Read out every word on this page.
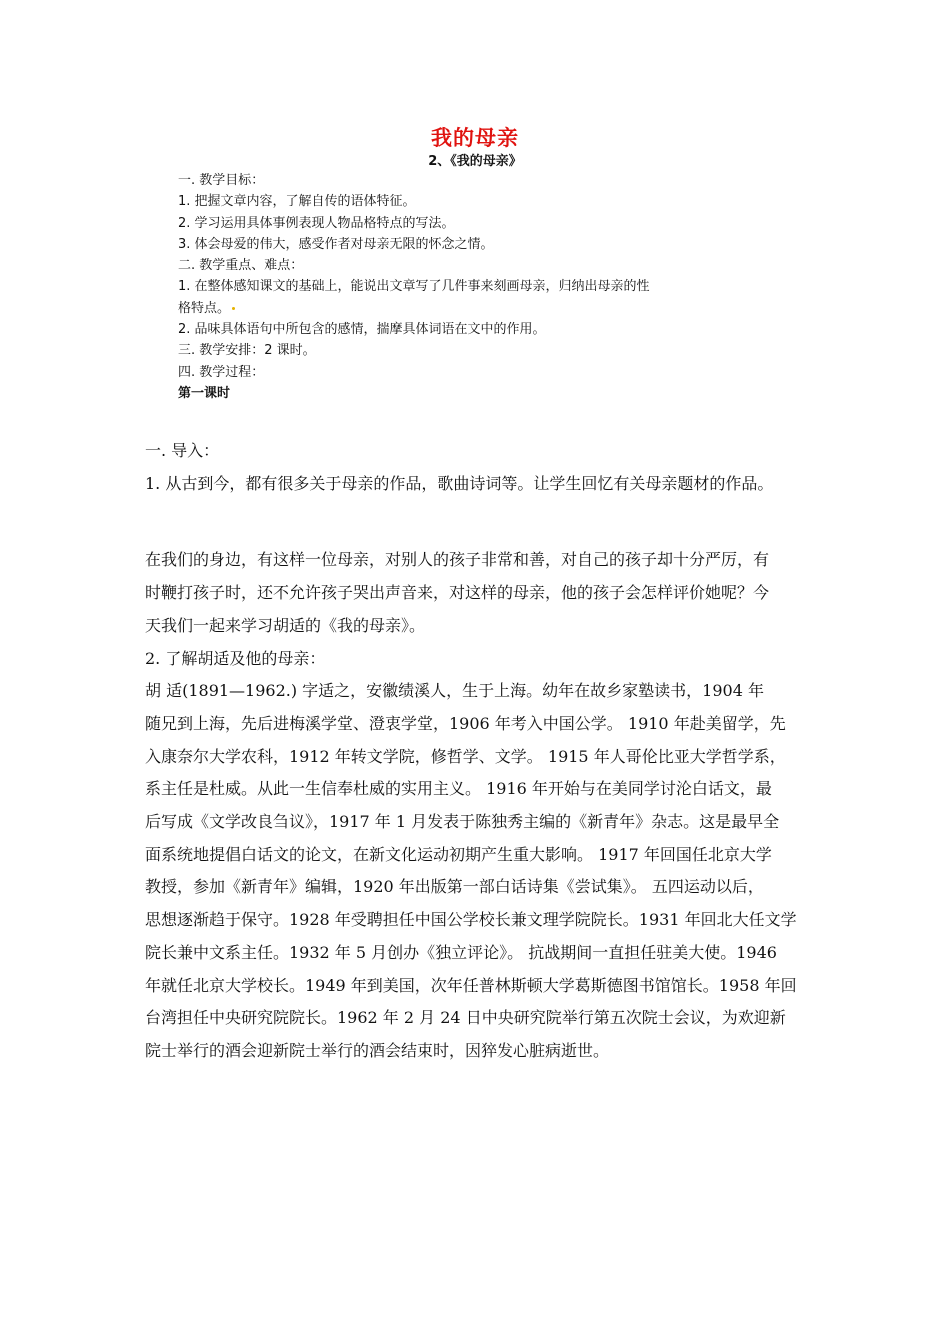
我的母亲
2、《我的母亲》
一. 教学目标：
1. 把握文章内容，了解自传的语体特征。
2. 学习运用具体事例表现人物品格特点的写法。
3. 体会母爱的伟大，感受作者对母亲无限的怀念之情。
二. 教学重点、难点：
1. 在整体感知课文的基础上，能说出文章写了几件事来刻画母亲，归纳出母亲的性
格特点。
2. 品味具体语句中所包含的感情，揣摩具体词语在文中的作用。
三. 教学安排：2 课时。
四. 教学过程：
第一课时
一. 导入：
1. 从古到今，都有很多关于母亲的作品，歌曲诗词等。让学生回忆有关母亲题材的作品。
在我们的身边，有这样一位母亲，对别人的孩子非常和善，对自己的孩子却十分严厉，有
时鞭打孩子时，还不允许孩子哭出声音来，对这样的母亲，他的孩子会怎样评价她呢？今
天我们一起来学习胡适的《我的母亲》。
2. 了解胡适及他的母亲：
胡 适(1891—1962.) 字适之，安徽绩溪人，生于上海。幼年在故乡家塾读书，1904 年
随兄到上海，先后进梅溪学堂、澄衷学堂，1906 年考入中国公学。 1910 年赴美留学，先
入康奈尔大学农科，1912 年转文学院，修哲学、文学。 1915 年人哥伦比亚大学哲学系，
系主任是杜威。从此一生信奉杜威的实用主义。 1916 年开始与在美同学讨沦白话文，最
后写成《文学改良刍议》，1917 年 1 月发表于陈独秀主编的《新青年》杂志。这是最早全
面系统地提倡白话文的论文，在新文化运动初期产生重大影响。 1917 年回国任北京大学
教授，参加《新青年》编辑，1920 年出版第一部白话诗集《尝试集》。 五四运动以后，
思想逐渐趋于保守。1928 年受聘担任中国公学校长兼文理学院院长。1931 年回北大任文学
院长兼中文系主任。1932 年 5 月创办《独立评论》。 抗战期间一直担任驻美大使。1946
年就任北京大学校长。1949 年到美国，次年任普林斯顿大学葛斯德图书馆馆长。1958 年回
台湾担任中央研究院院长。1962 年 2 月 24 日中央研究院举行第五次院士会议，为欢迎新
院士举行的酒会迎新院士举行的酒会结束时，因猝发心脏病逝世。
